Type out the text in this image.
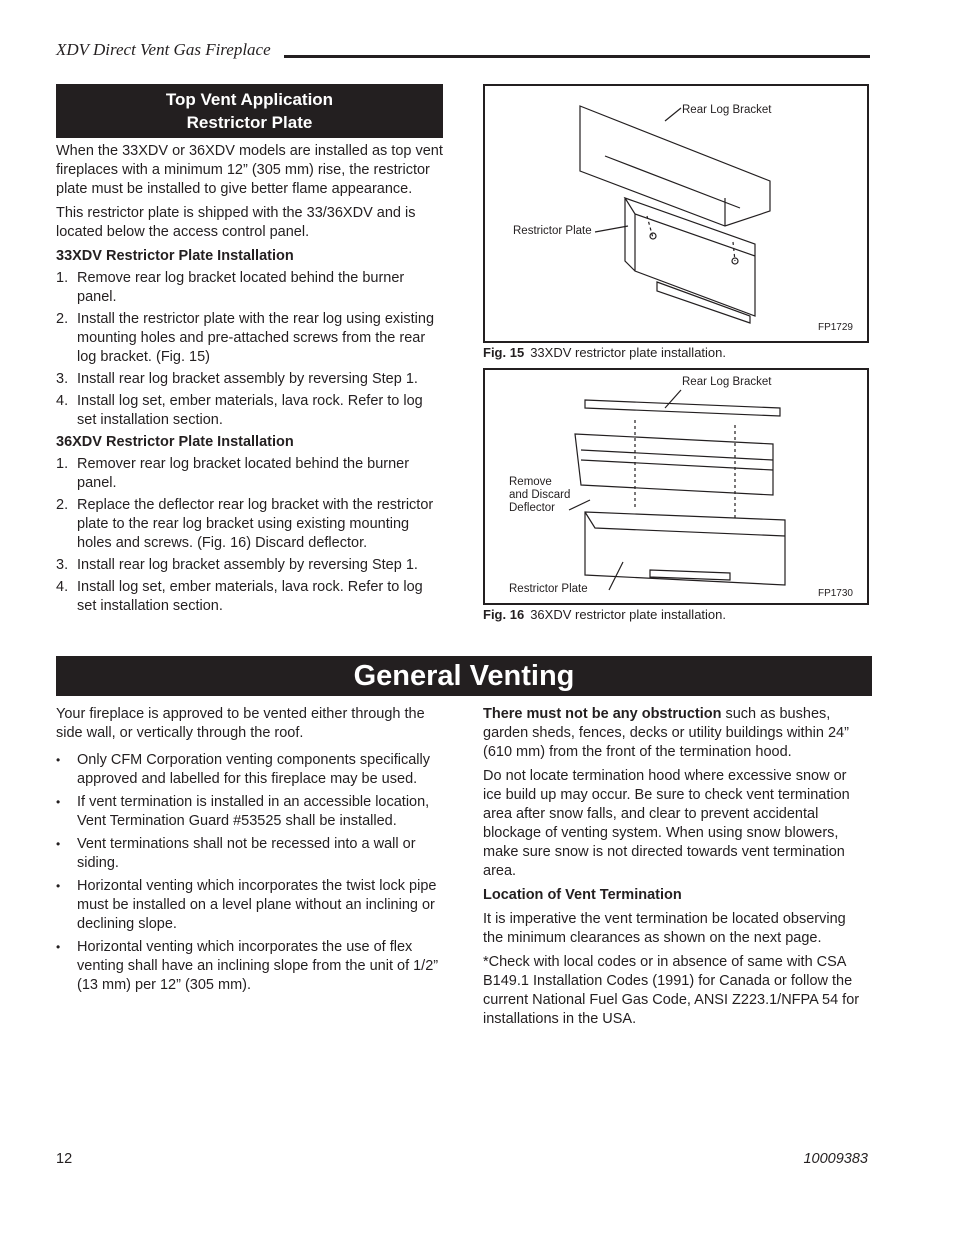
XDV Direct Vent Gas Fireplace
Top Vent Application
Restrictor Plate

When the 33XDV or 36XDV models are installed as top vent fireplaces with a minimum 12” (305 mm) rise, the restrictor plate must be installed to give better flame appearance.

This restrictor plate is shipped with the 33/36XDV and is located below the access control panel.

33XDV Restrictor Plate Installation
1. Remove rear log bracket located behind the burner panel.
2. Install the restrictor plate with the rear log using existing mounting holes and pre-attached screws from the rear log bracket. (Fig. 15)
3. Install rear log bracket assembly by reversing Step 1.
4. Install log set, ember materials, lava rock. Refer to log set installation section.
36XDV Restrictor Plate Installation
1. Remover rear log bracket located behind the burner panel.
2. Replace the deflector rear log bracket with the restrictor plate to the rear log bracket using existing mounting holes and screws. (Fig. 16) Discard deflector.
3. Install rear log bracket assembly by reversing Step 1.
4. Install log set, ember materials, lava rock. Refer to log set installation section.
Rear Log Bracket
Restrictor Plate
FP1729
Fig. 15 33XDV restrictor plate installation.
Rear Log Bracket
Remove
and Discard
Deflector
Restrictor Plate	FP1730
Fig. 16 36XDV restrictor plate installation.
General Venting

Your fireplace is approved to be vented either through the side wall, or vertically through the roof.

• Only CFM Corporation venting components specifically approved and labelled for this fireplace may be used.
• If vent termination is installed in an accessible location, Vent Termination Guard #53525 shall be installed.
• Vent terminations shall not be recessed into a wall or siding.
• Horizontal venting which incorporates the twist lock pipe must be installed on a level plane without an inclining or declining slope.
• Horizontal venting which incorporates the use of flex venting shall have an inclining slope from the unit of 1/2” (13 mm) per 12” (305 mm).

There must not be any obstruction such as bushes, garden sheds, fences, decks or utility buildings within 24” (610 mm) from the front of the termination hood.

Do not locate termination hood where excessive snow or ice build up may occur. Be sure to check vent termination area after snow falls, and clear to prevent accidental blockage of venting system. When using snow blowers, make sure snow is not directed towards vent termination area.

Location of Vent Termination

It is imperative the vent termination be located observing the minimum clearances as shown on the next page.

*Check with local codes or in absence of same with CSA B149.1 Installation Codes (1991) for Canada or follow the current National Fuel Gas Code, ANSI Z223.1/NFPA 54 for installations in the USA.

12	10009383
